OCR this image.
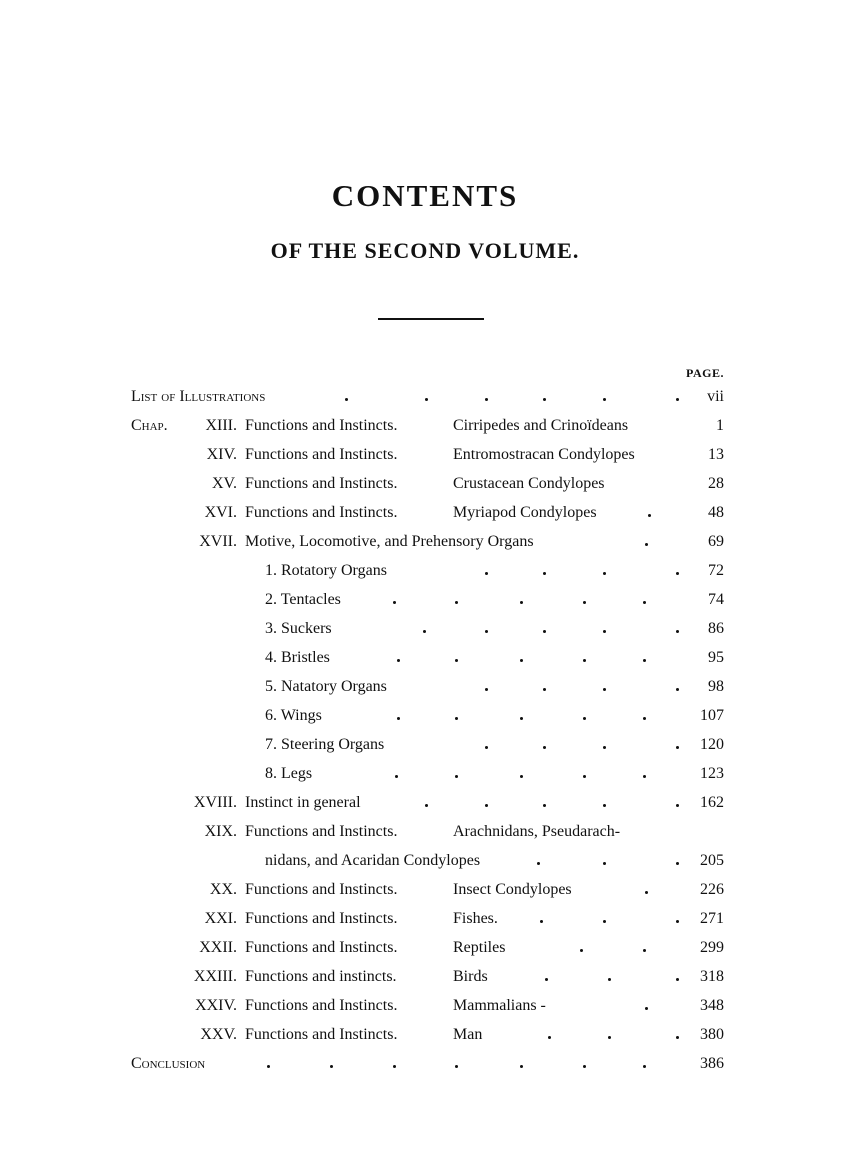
CONTENTS
OF THE SECOND VOLUME.
PAGE.
List of Illustrations	vii
Chap.	XIII. Functions and Instincts.	Cirripedes and Crinoïdeans	1
XIV. Functions and Instincts.	Entromostracan Condylopes	13
XV. Functions and Instincts.	Crustacean Condylopes	28
XVI. Functions and Instincts.	Myriapod Condylopes	48
XVII. Motive, Locomotive, and Prehensory Organs	69
1. Rotatory Organs	72
2. Tentacles	74
3. Suckers	86
4. Bristles	95
5. Natatory Organs	98
6. Wings	107
7. Steering Organs	120
8. Legs	123
XVIII. Instinct in general	162
XIX. Functions and Instincts.	Arachnidans, Pseudarach-
nidans, and Acaridan Condylopes	205
XX. Functions and Instincts.	Insect Condylopes	226
XXI. Functions and Instincts.	Fishes.	271
XXII. Functions and Instincts.	Reptiles	299
XXIII. Functions and instincts.	Birds	318
XXIV. Functions and Instincts.	Mammalians -	348
XXV. Functions and Instincts.	Man	380
Conclusion	386
